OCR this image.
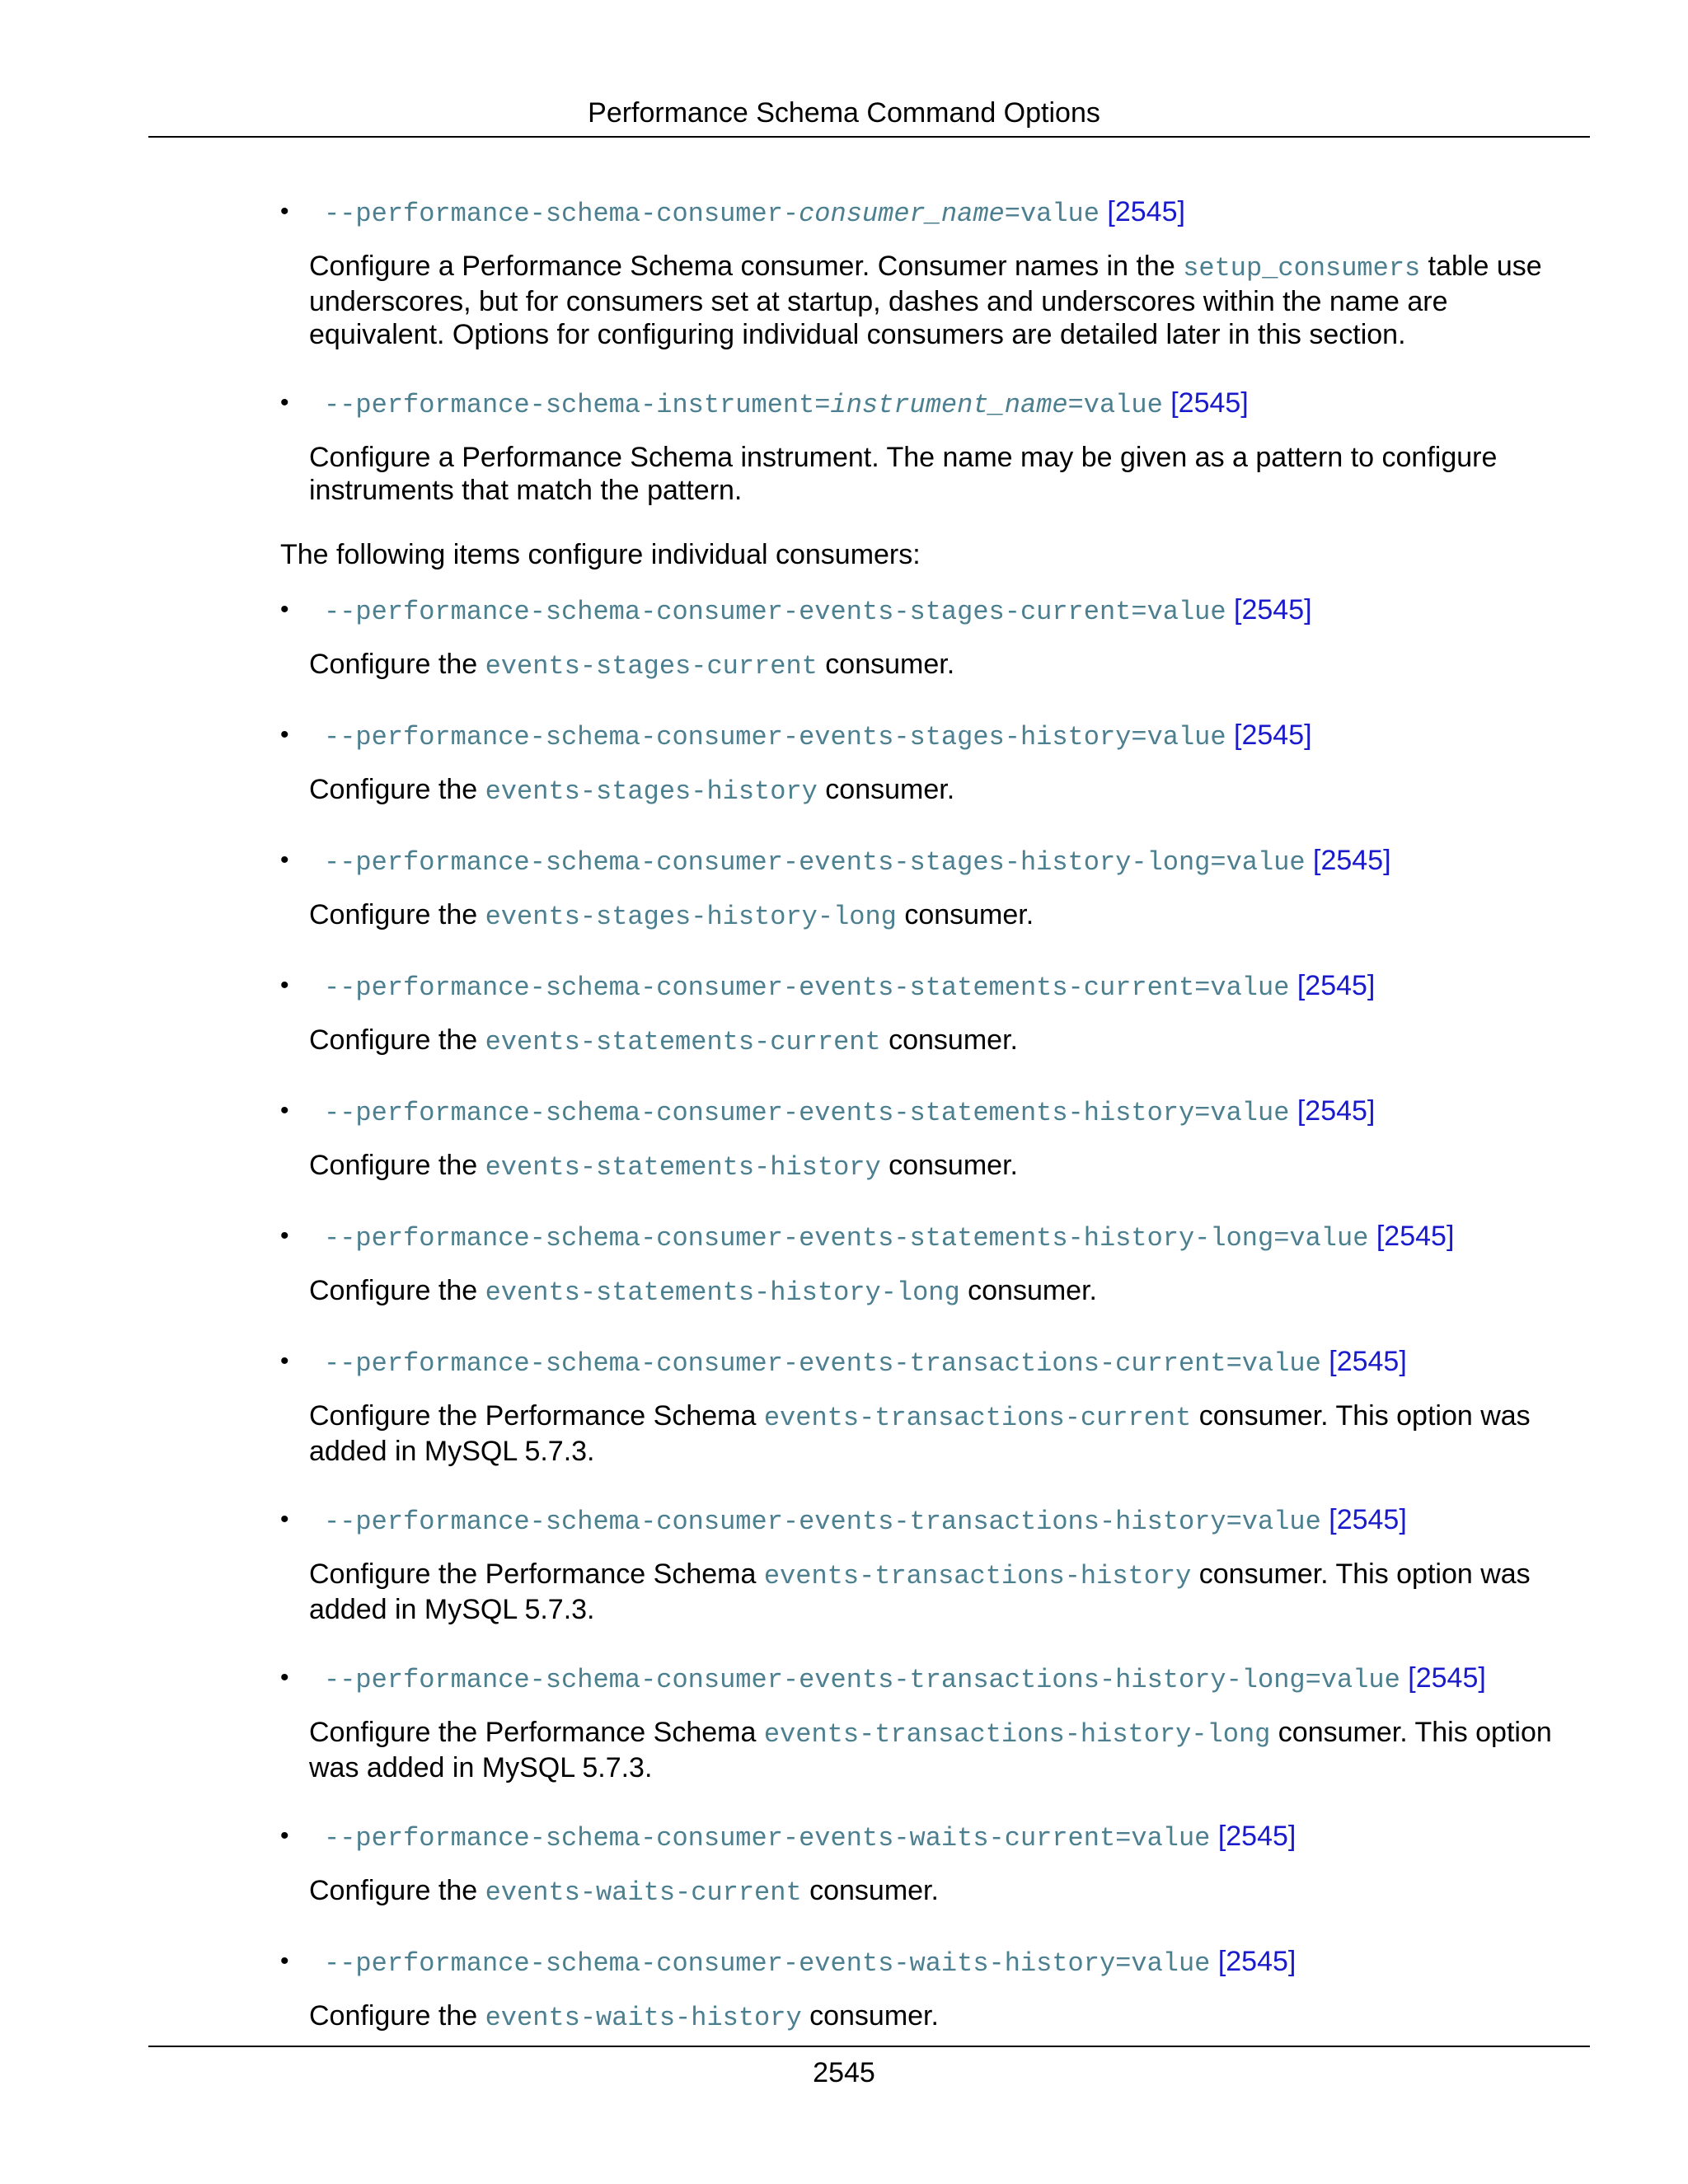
Performance Schema Command Options
• --performance-schema-consumer-consumer_name=value [2545]
Configure a Performance Schema consumer. Consumer names in the setup_consumers table use underscores, but for consumers set at startup, dashes and underscores within the name are equivalent. Options for configuring individual consumers are detailed later in this section.
• --performance-schema-instrument=instrument_name=value [2545]
Configure a Performance Schema instrument. The name may be given as a pattern to configure instruments that match the pattern.

The following items configure individual consumers:

• --performance-schema-consumer-events-stages-current=value [2545]
Configure the events-stages-current consumer.
• --performance-schema-consumer-events-stages-history=value [2545]
Configure the events-stages-history consumer.
• --performance-schema-consumer-events-stages-history-long=value [2545]
Configure the events-stages-history-long consumer.
• --performance-schema-consumer-events-statements-current=value [2545]
Configure the events-statements-current consumer.
• --performance-schema-consumer-events-statements-history=value [2545]
Configure the events-statements-history consumer.
• --performance-schema-consumer-events-statements-history-long=value [2545]
Configure the events-statements-history-long consumer.
• --performance-schema-consumer-events-transactions-current=value [2545]
Configure the Performance Schema events-transactions-current consumer. This option was added in MySQL 5.7.3.
• --performance-schema-consumer-events-transactions-history=value [2545]
Configure the Performance Schema events-transactions-history consumer. This option was added in MySQL 5.7.3.
• --performance-schema-consumer-events-transactions-history-long=value [2545]
Configure the Performance Schema events-transactions-history-long consumer. This option was added in MySQL 5.7.3.
• --performance-schema-consumer-events-waits-current=value [2545]
Configure the events-waits-current consumer.
• --performance-schema-consumer-events-waits-history=value [2545]
Configure the events-waits-history consumer.
2545
